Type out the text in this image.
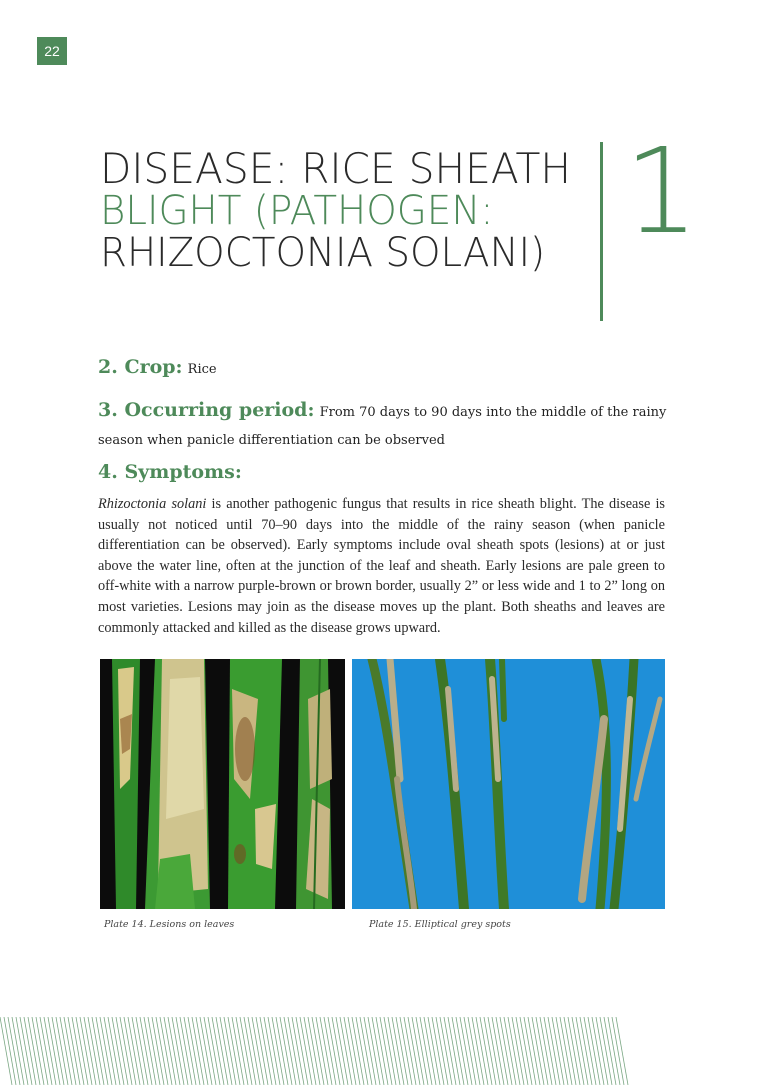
22
DISEASE: RICE SHEATH
BLIGHT (PATHOGEN:
RHIZOCTONIA SOLANI) 1
2. Crop: Rice
3. Occurring period: From 70 days to 90 days into the middle of the rainy season when panicle differentiation can be observed
4. Symptoms:
Rhizoctonia solani is another pathogenic fungus that results in rice sheath blight. The disease is usually not noticed until 70–90 days into the middle of the rainy season (when panicle differentiation can be observed). Early symptoms include oval sheath spots (lesions) at or just above the water line, often at the junction of the leaf and sheath. Early lesions are pale green to off-white with a narrow purple-brown or brown border, usually 2” or less wide and 1 to 2” long on most varieties. Lesions may join as the disease moves up the plant. Both sheaths and leaves are commonly attacked and killed as the disease grows upward.
Plate 14. Lesions on leaves	Plate 15. Elliptical grey spots
